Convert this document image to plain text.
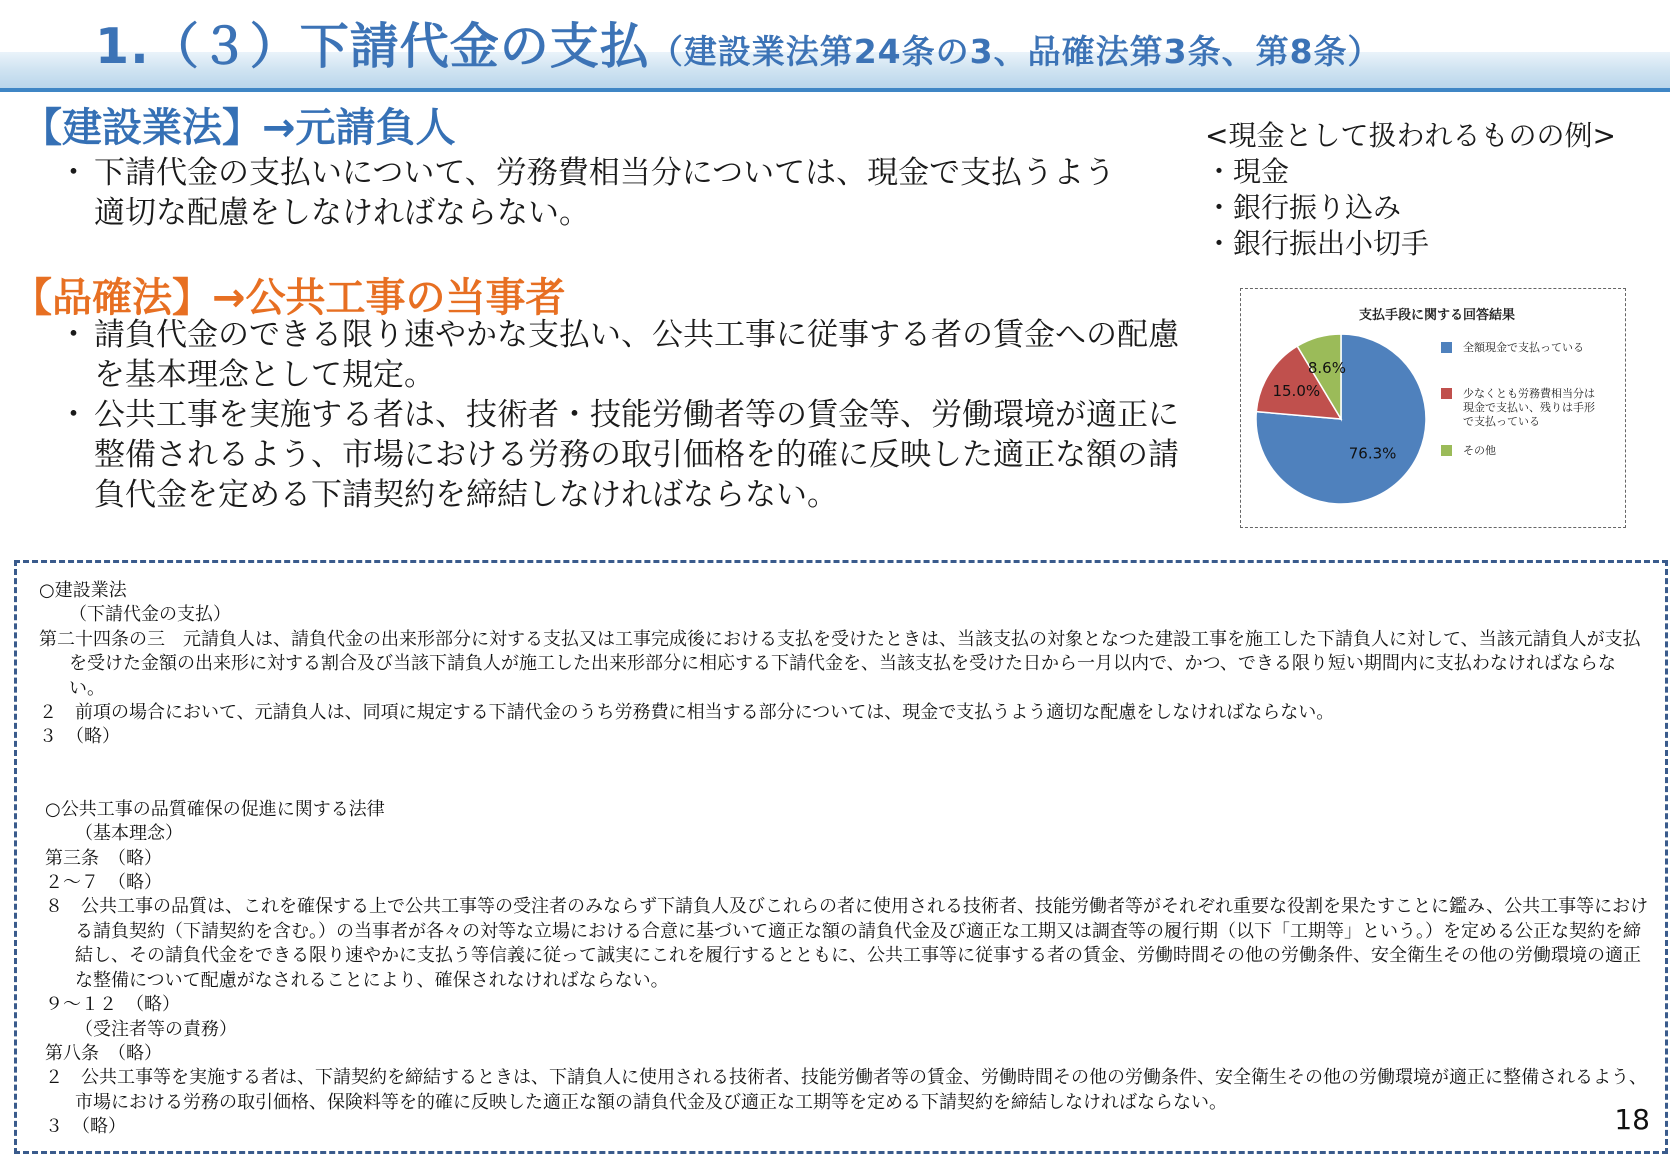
1.（３）下請代金の支払（建設業法第24条の3、品確法第3条、第8条）
【建設業法】→元請負人
・ 下請代金の支払いについて、労務費相当分については、現金で支払うよう適切な配慮をしなければならない。
【品確法】→公共工事の当事者
・ 請負代金のできる限り速やかな支払い、公共工事に従事する者の賃金への配慮を基本理念として規定。
・ 公共工事を実施する者は、技術者・技能労働者等の賃金等、労働環境が適正に整備されるよう、市場における労務の取引価格を的確に反映した適正な額の請負代金を定める下請契約を締結しなければならない。
<現金として扱われるものの例>
・ 現金
・ 銀行振り込み
・ 銀行振出小切手
支払手段に関する回答結果
76.3%
15.0%
8.6%
全額現金で支払っている
少なくとも労務費相当分は現金で支払い、残りは手形で支払っている
その他

○建設業法

（下請代金の支払）

第二十四条の三　元請負人は、請負代金の出来形部分に対する支払又は工事完成後における支払を受けたときは、当該支払の対象となつた建設工事を施工した下請負人に対して、当該元請負人が支払を受けた金額の出来形に対する割合及び当該下請負人が施工した出来形部分に相応する下請代金を、当該支払を受けた日から一月以内で、かつ、できる限り短い期間内に支払わなければならない。

２　前項の場合において、元請負人は、同項に規定する下請代金のうち労務費に相当する部分については、現金で支払うよう適切な配慮をしなければならない。

３　（略）

○公共工事の品質確保の促進に関する法律

（基本理念）

第三条　（略）

２～７　（略）

８　公共工事の品質は、これを確保する上で公共工事等の受注者のみならず下請負人及びこれらの者に使用される技術者、技能労働者等がそれぞれ重要な役割を果たすことに鑑み、公共工事等における請負契約（下請契約を含む。）の当事者が各々の対等な立場における合意に基づいて適正な額の請負代金及び適正な工期又は調査等の履行期（以下「工期等」という。）を定める公正な契約を締結し、その請負代金をできる限り速やかに支払う等信義に従って誠実にこれを履行するとともに、公共工事等に従事する者の賃金、労働時間その他の労働条件、安全衛生その他の労働環境の適正な整備について配慮がなされることにより、確保されなければならない。

９～１２　（略）

（受注者等の責務）

第八条　（略）

２　公共工事等を実施する者は、下請契約を締結するときは、下請負人に使用される技術者、技能労働者等の賃金、労働時間その他の労働条件、安全衛生その他の労働環境が適正に整備されるよう、市場における労務の取引価格、保険料等を的確に反映した適正な額の請負代金及び適正な工期等を定める下請契約を締結しなければならない。

３　（略）	18
